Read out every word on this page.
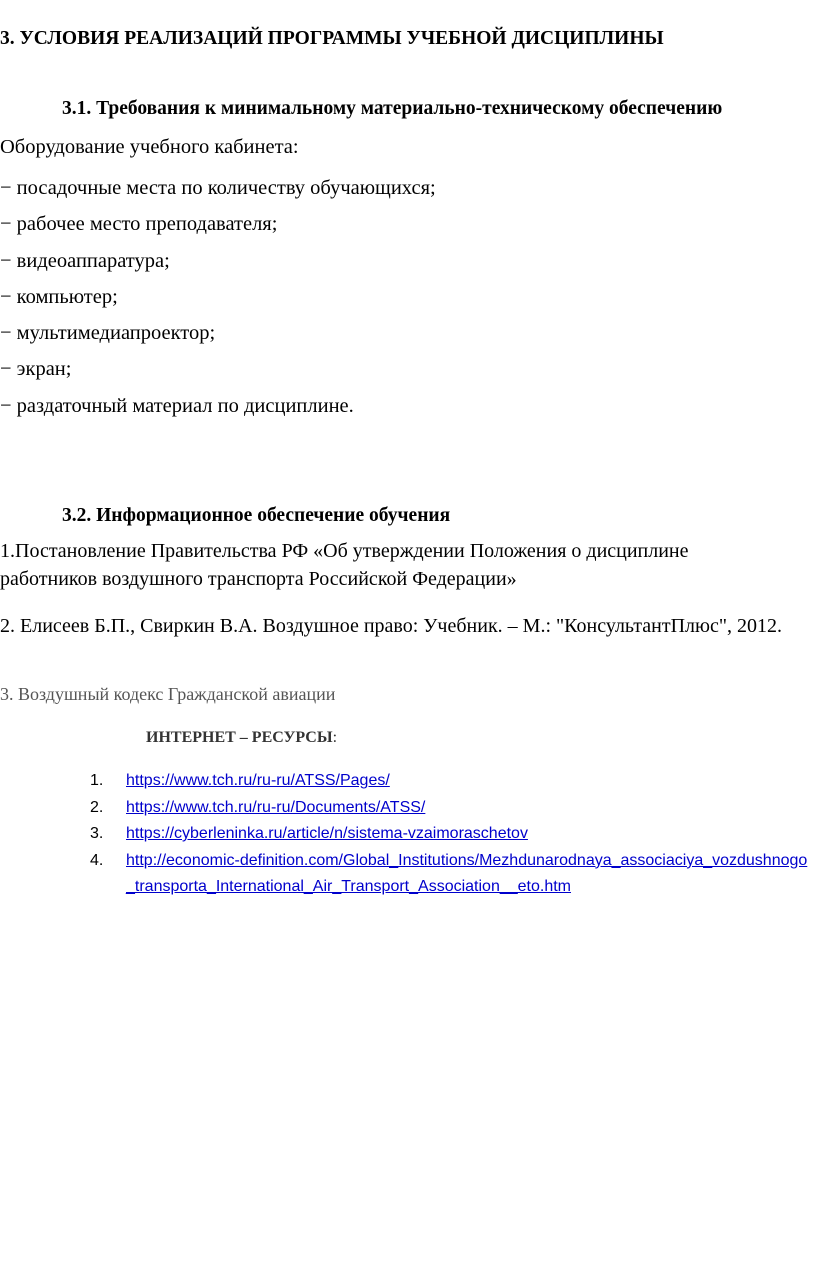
3. УСЛОВИЯ РЕАЛИЗАЦИЙ ПРОГРАММЫ УЧЕБНОЙ ДИСЦИПЛИНЫ
3.1. Требования к минимальному материально-техническому обеспечению
Оборудование учебного кабинета:
− посадочные места по количеству обучающихся;
− рабочее место преподавателя;
− видеоаппаратура;
− компьютер;
− мультимедиапроектор;
− экран;
− раздаточный материал по дисциплине.
3.2. Информационное обеспечение обучения
1.Постановление Правительства РФ «Об утверждении Положения о дисциплине работников воздушного транспорта Российской Федерации»
2. Елисеев Б.П., Свиркин В.А. Воздушное право: Учебник. – М.: "КонсультантПлюс", 2012.
3. Воздушный кодекс Гражданской авиации
ИНТЕРНЕТ – РЕСУРСЫ:
1. https://www.tch.ru/ru-ru/ATSS/Pages/
2. https://www.tch.ru/ru-ru/Documents/ATSS/
3. https://cyberleninka.ru/article/n/sistema-vzaimoraschetov
4. http://economic-definition.com/Global_Institutions/Mezhdunarodnaya_associaciya_vozdushnogo_transporta_International_Air_Transport_Association__eto.htm
